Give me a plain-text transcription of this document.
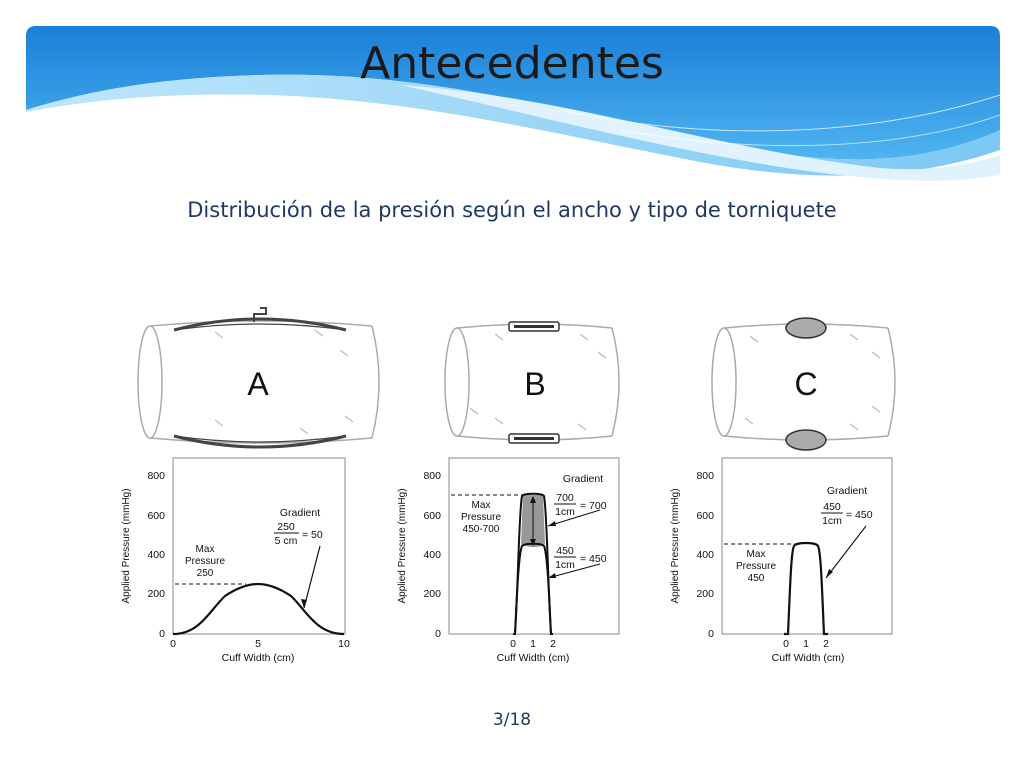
Antecedentes
Distribución de la presión según el ancho y tipo de torniquete
A
Applied Pressure (mmHg)
800
600
400
200
0
0	5	10
Cuff Width (cm)
Max
Pressure
250
Gradient
250
5 cm = 50
B
Applied Pressure (mmHg)
800
600
400
200
0
0 1 2
Cuff Width (cm)
Max
Pressure
450-700
Gradient
700
1cm = 700
450
1cm = 450
C
Applied Pressure (mmHg)
800
600
400
200
0
0 1 2
Cuff Width (cm)
Max
Pressure
450
Gradient
450
1cm = 450
3/18
